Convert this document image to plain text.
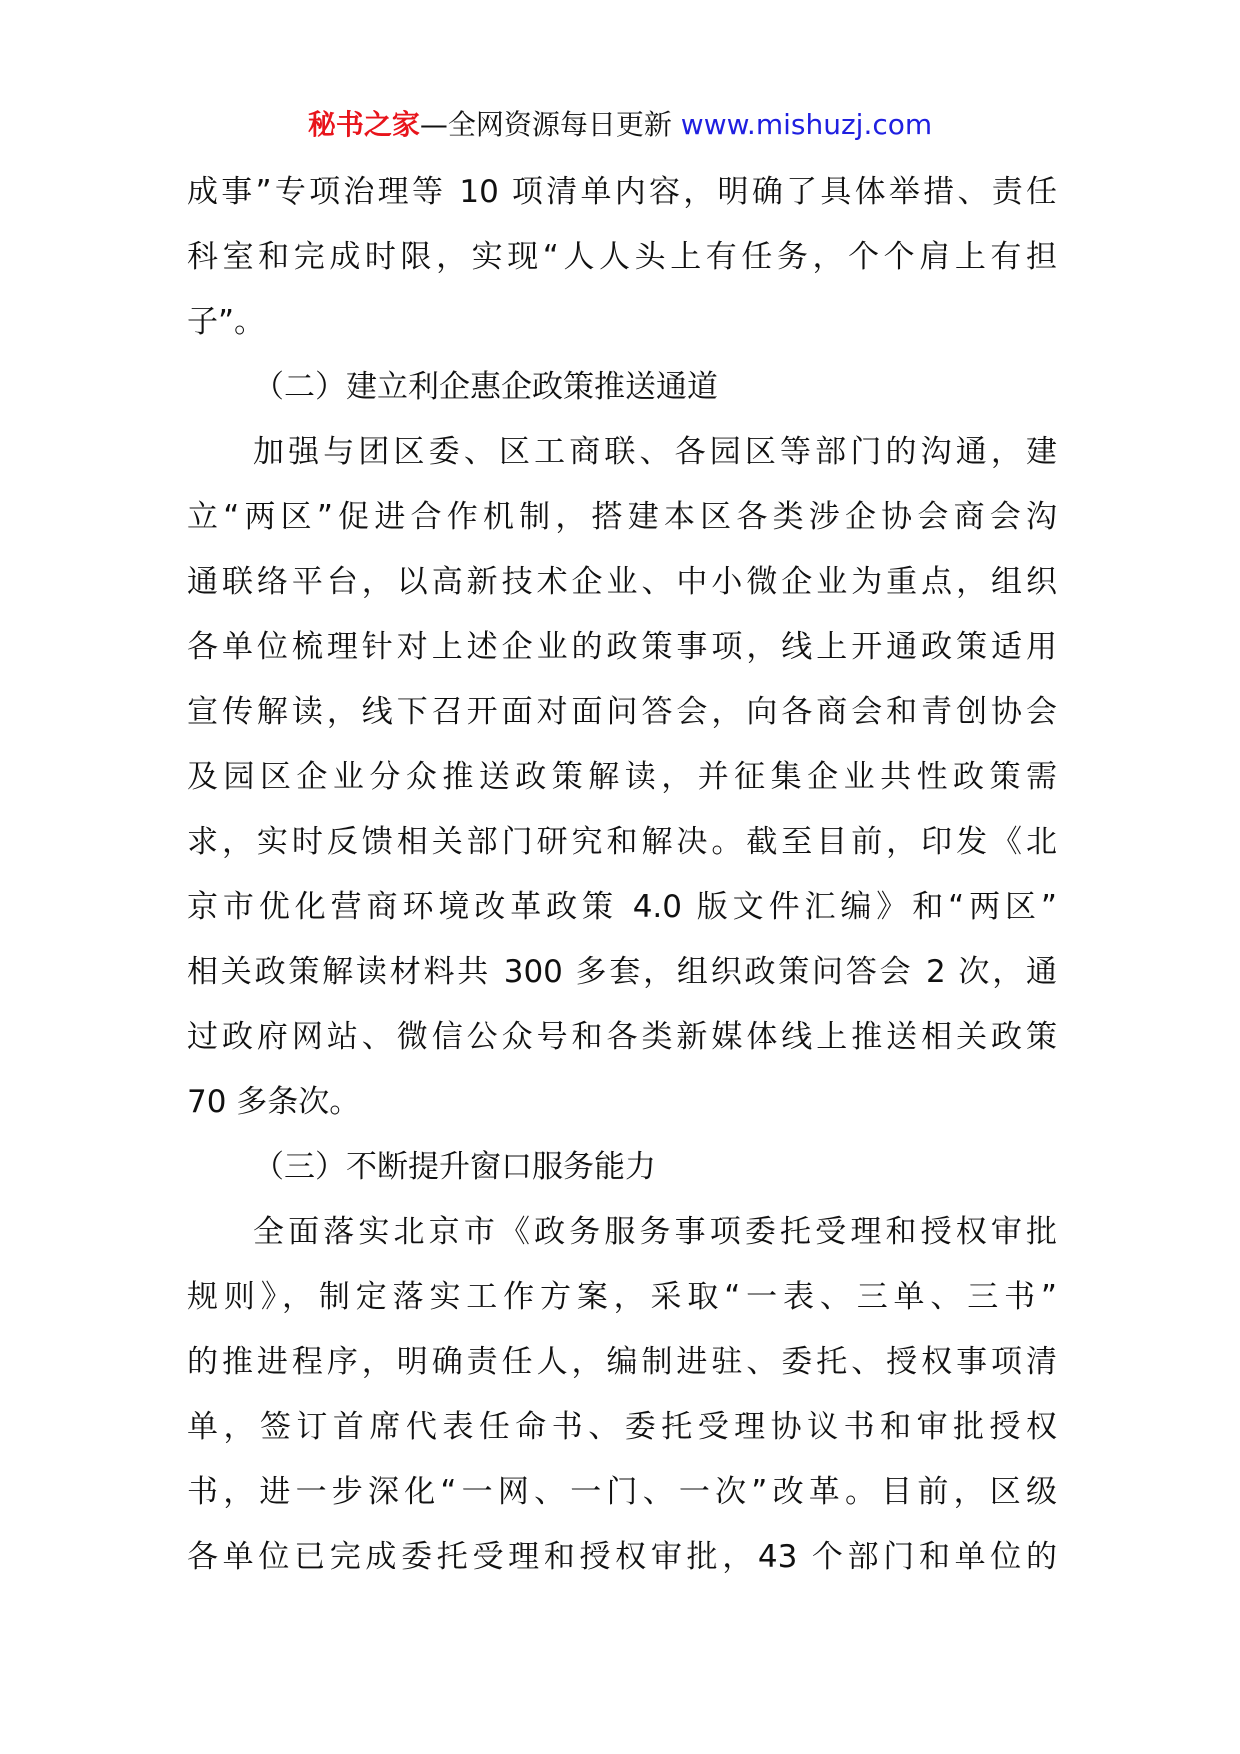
秘书之家—全网资源每日更新 www.mishuzj.com
成事”专项治理等 10 项清单内容，明确了具体举措、责任
科室和完成时限，实现“人人头上有任务，个个肩上有担
子”。
（二）建立利企惠企政策推送通道
加强与团区委、区工商联、各园区等部门的沟通，建
立“两区”促进合作机制，搭建本区各类涉企协会商会沟
通联络平台，以高新技术企业、中小微企业为重点，组织
各单位梳理针对上述企业的政策事项，线上开通政策适用
宣传解读，线下召开面对面问答会，向各商会和青创协会
及园区企业分众推送政策解读，并征集企业共性政策需
求，实时反馈相关部门研究和解决。截至目前，印发《北
京市优化营商环境改革政策 4.0 版文件汇编》和“两区”
相关政策解读材料共 300 多套，组织政策问答会 2 次，通
过政府网站、微信公众号和各类新媒体线上推送相关政策
70 多条次。
（三）不断提升窗口服务能力
全面落实北京市《政务服务事项委托受理和授权审批
规则》，制定落实工作方案，采取“一表、三单、三书”
的推进程序，明确责任人，编制进驻、委托、授权事项清
单，签订首席代表任命书、委托受理协议书和审批授权
书，进一步深化“一网、一门、一次”改革。目前，区级
各单位已完成委托受理和授权审批，43 个部门和单位的
